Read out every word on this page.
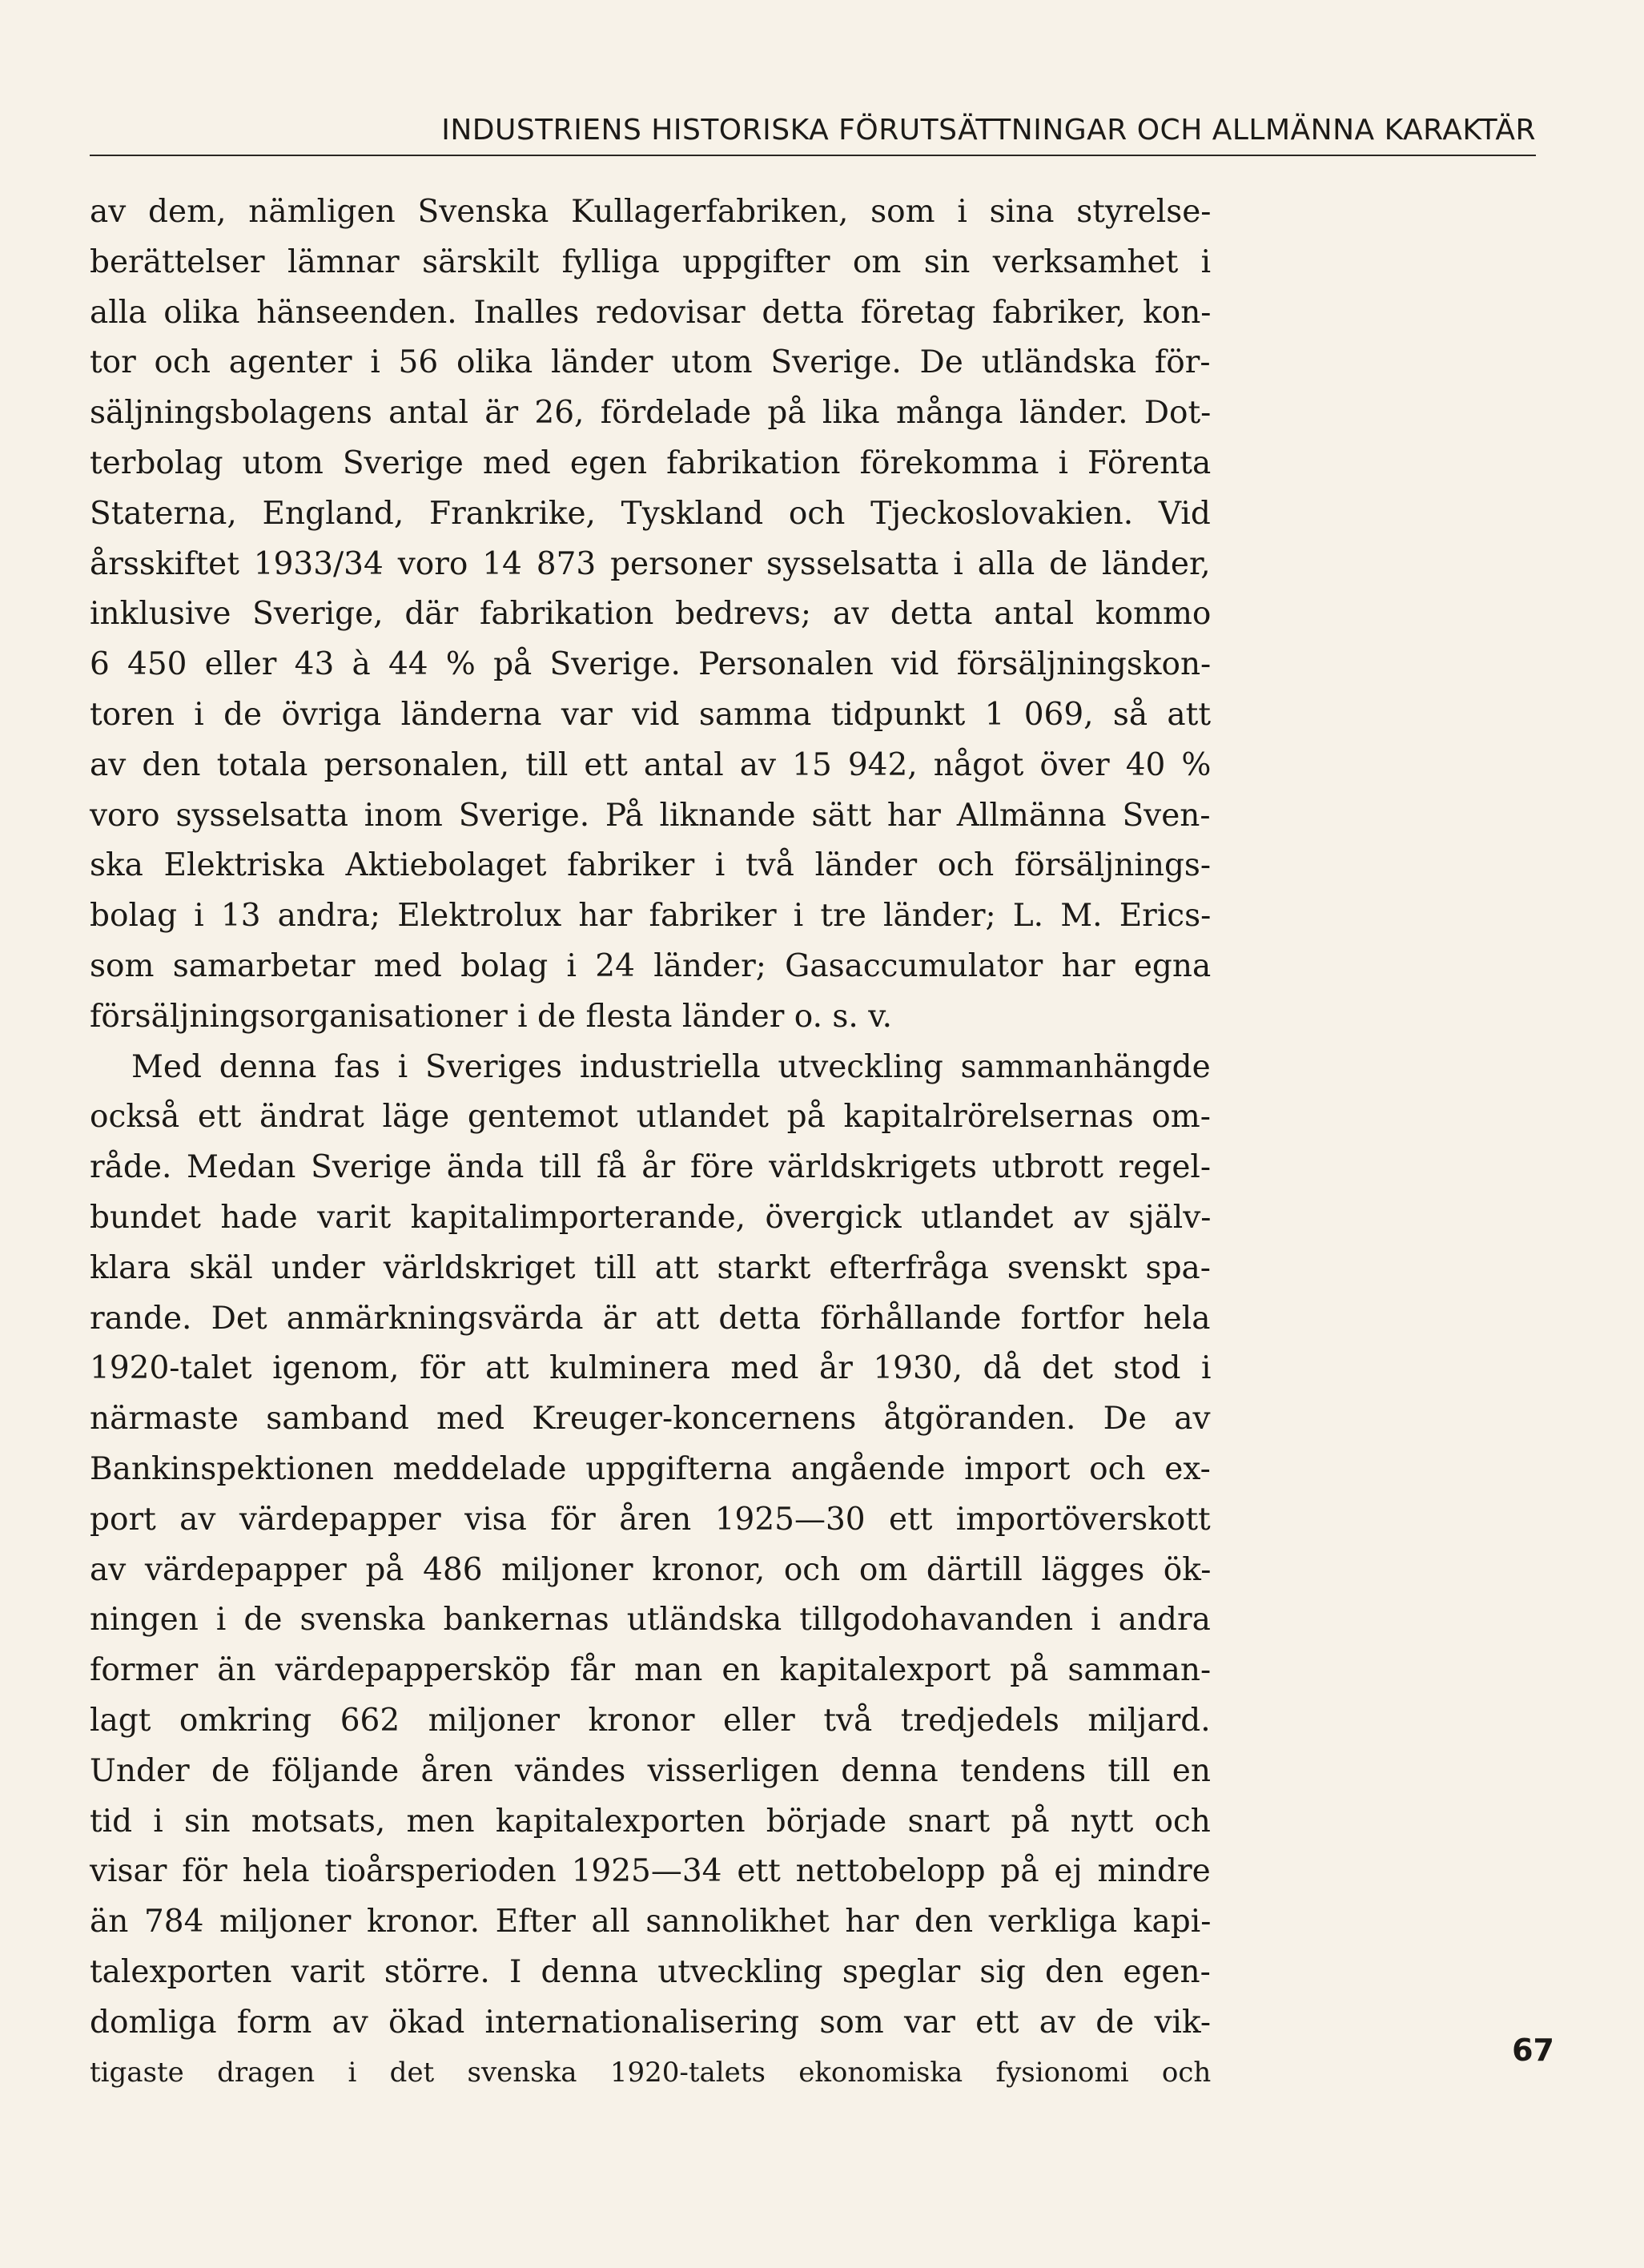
INDUSTRIENS HISTORISKA FÖRUTSÄTTNINGAR OCH ALLMÄNNA KARAKTÄR
av dem, nämligen Svenska Kullagerfabriken, som i sina styrelse-
berättelser lämnar särskilt fylliga uppgifter om sin verksamhet i
alla olika hänseenden. Inalles redovisar detta företag fabriker, kon-
tor och agenter i 56 olika länder utom Sverige. De utländska för-
säljningsbolagens antal är 26, fördelade på lika många länder. Dot-
terbolag utom Sverige med egen fabrikation förekomma i Förenta
Staterna, England, Frankrike, Tyskland och Tjeckoslovakien. Vid
årsskiftet 1933/34 voro 14 873 personer sysselsatta i alla de länder,
inklusive Sverige, där fabrikation bedrevs; av detta antal kommo
6 450 eller 43 à 44 % på Sverige. Personalen vid försäljningskon-
toren i de övriga länderna var vid samma tidpunkt 1 069, så att
av den totala personalen, till ett antal av 15 942, något över 40 %
voro sysselsatta inom Sverige. På liknande sätt har Allmänna Sven-
ska Elektriska Aktiebolaget fabriker i två länder och försäljnings-
bolag i 13 andra; Elektrolux har fabriker i tre länder; L. M. Erics-
som samarbetar med bolag i 24 länder; Gasaccumulator har egna
försäljningsorganisationer i de flesta länder o. s. v.
Med denna fas i Sveriges industriella utveckling sammanhängde
också ett ändrat läge gentemot utlandet på kapitalrörelsernas om-
råde. Medan Sverige ända till få år före världskrigets utbrott regel-
bundet hade varit kapitalimporterande, övergick utlandet av själv-
klara skäl under världskriget till att starkt efterfråga svenskt spa-
rande. Det anmärkningsvärda är att detta förhållande fortfor hela
1920-talet igenom, för att kulminera med år 1930, då det stod i
närmaste samband med Kreuger-koncernens åtgöranden. De av
Bankinspektionen meddelade uppgifterna angående import och ex-
port av värdepapper visa för åren 1925—30 ett importöverskott
av värdepapper på 486 miljoner kronor, och om därtill lägges ök-
ningen i de svenska bankernas utländska tillgodohavanden i andra
former än värdepappersköp får man en kapitalexport på samman-
lagt omkring 662 miljoner kronor eller två tredjedels miljard.
Under de följande åren vändes visserligen denna tendens till en
tid i sin motsats, men kapitalexporten började snart på nytt och
visar för hela tioårsperioden 1925—34 ett nettobelopp på ej mindre
än 784 miljoner kronor. Efter all sannolikhet har den verkliga kapi-
talexporten varit större. I denna utveckling speglar sig den egen-
domliga form av ökad internationalisering som var ett av de vik-
tigaste dragen i det svenska 1920-talets ekonomiska fysionomi och
67
